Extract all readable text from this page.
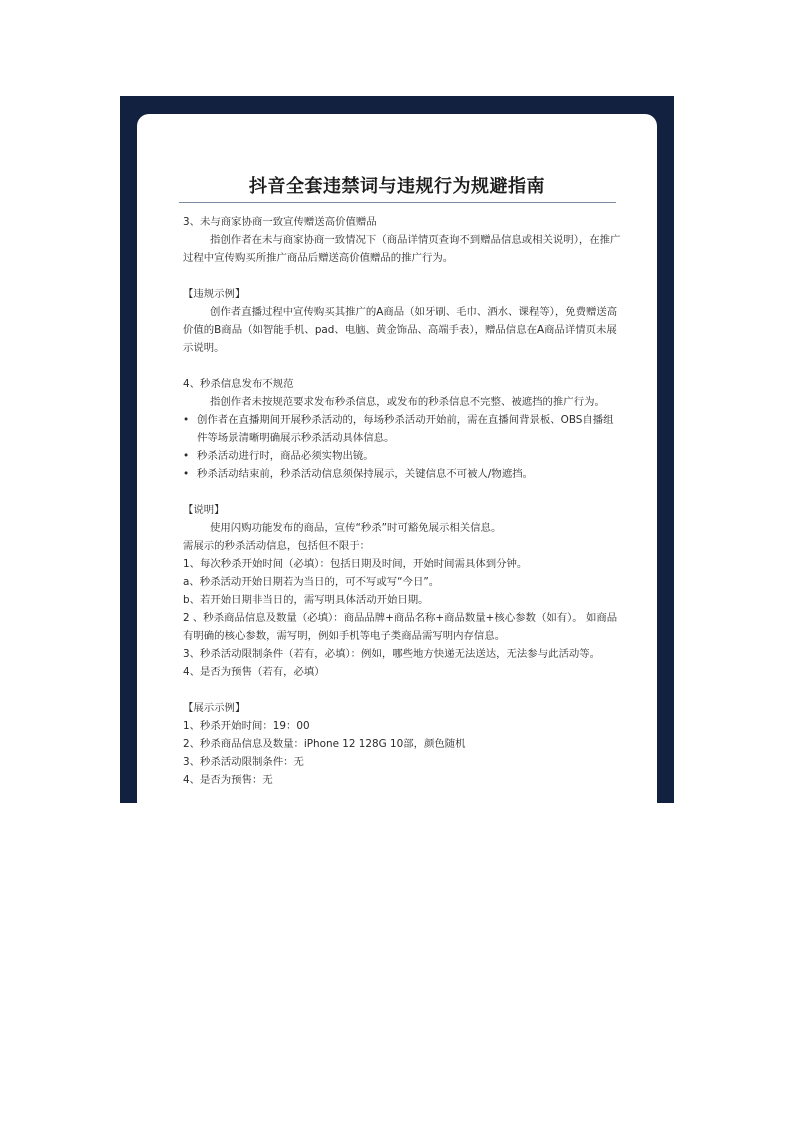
抖音全套违禁词与违规行为规避指南

3、未与商家协商一致宣传赠送高价值赠品

指创作者在未与商家协商一致情况下（商品详情页查询不到赠品信息或相关说明），在推广过程中宣传购买所推广商品后赠送高价值赠品的推广行为。

【违规示例】

创作者直播过程中宣传购买其推广的A商品（如牙刷、毛巾、酒水、课程等），免费赠送高价值的B商品（如智能手机、pad、电脑、黄金饰品、高端手表），赠品信息在A商品详情页未展示说明。

4、秒杀信息发布不规范

指创作者未按规范要求发布秒杀信息，或发布的秒杀信息不完整、被遮挡的推广行为。

• 创作者在直播期间开展秒杀活动的，每场秒杀活动开始前，需在直播间背景板、OBS自播组件等场景清晰明确展示秒杀活动具体信息。

• 秒杀活动进行时，商品必须实物出镜。

• 秒杀活动结束前，秒杀活动信息须保持展示，关键信息不可被人/物遮挡。

【说明】

使用闪购功能发布的商品，宣传“秒杀”时可豁免展示相关信息。

需展示的秒杀活动信息，包括但不限于：

1、每次秒杀开始时间（必填）：包括日期及时间，开始时间需具体到分钟。

a、秒杀活动开始日期若为当日的，可不写或写“今日”。

b、若开始日期非当日的，需写明具体活动开始日期。

2 、秒杀商品信息及数量（必填）：商品品牌+商品名称+商品数量+核心参数（如有）。 如商品有明确的核心参数，需写明，例如手机等电子类商品需写明内存信息。

3、秒杀活动限制条件（若有，必填）：例如，哪些地方快递无法送达，无法参与此活动等。

4、是否为预售（若有，必填）

【展示示例】

1、秒杀开始时间：19：00

2、秒杀商品信息及数量：iPhone 12 128G 10部，颜色随机

3、秒杀活动限制条件：无

4、是否为预售：无
